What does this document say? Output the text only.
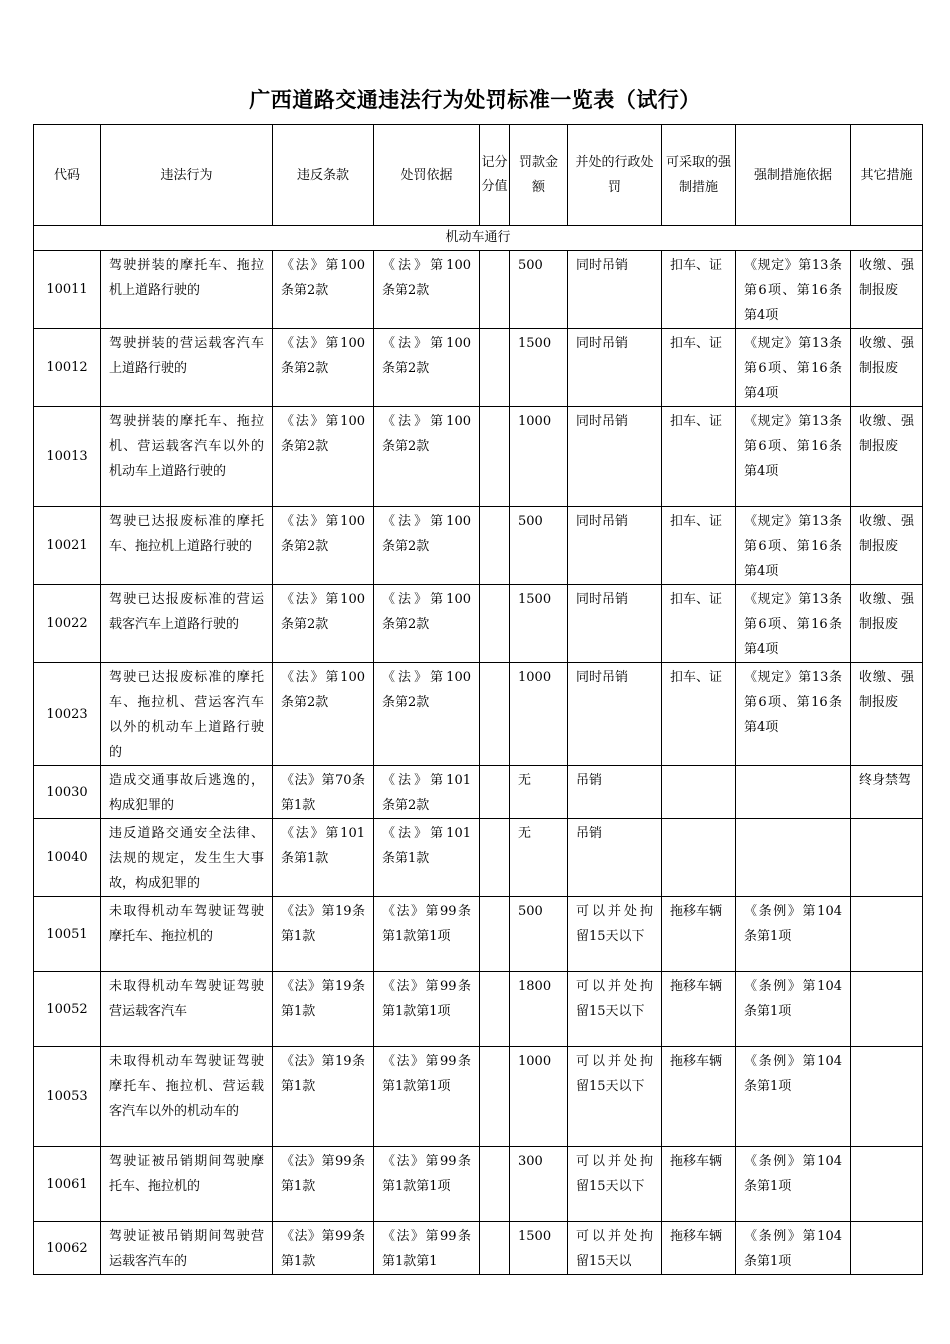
广西道路交通违法行为处罚标准一览表（试行）
代码	违法行为	违反条款	处罚依据	记分分值	罚款金额	并处的行政处罚	可采取的强制措施	强制措施依据	其它措施
机动车通行									
10011	驾驶拼装的摩托车、拖拉机上道路行驶的	《法》第100条第2款	《法》第100条第2款		500	同时吊销	扣车、证	《规定》第13条第6项、第16条第4项	收缴、强制报废
10012	驾驶拼装的营运载客汽车上道路行驶的	《法》第100条第2款	《法》第100条第2款		1500	同时吊销	扣车、证	《规定》第13条第6项、第16条第4项	收缴、强制报废
10013	驾驶拼装的摩托车、拖拉机、营运载客汽车以外的机动车上道路行驶的	《法》第100条第2款	《法》第100条第2款		1000	同时吊销	扣车、证	《规定》第13条第6项、第16条第4项	收缴、强制报废
10021	驾驶已达报废标准的摩托车、拖拉机上道路行驶的	《法》第100条第2款	《法》第100条第2款		500	同时吊销	扣车、证	《规定》第13条第6项、第16条第4项	收缴、强制报废
10022	驾驶已达报废标准的营运载客汽车上道路行驶的	《法》第100条第2款	《法》第100条第2款		1500	同时吊销	扣车、证	《规定》第13条第6项、第16条第4项	收缴、强制报废
10023	驾驶已达报废标准的摩托车、拖拉机、营运客汽车以外的机动车上道路行驶的	《法》第100条第2款	《法》第100条第2款		1000	同时吊销	扣车、证	《规定》第13条第6项、第16条第4项	收缴、强制报废
10030	造成交通事故后逃逸的，构成犯罪的	《法》第70条第1款	《法》第101条第2款		无	吊销			终身禁驾
10040	违反道路交通安全法律、法规的规定，发生生大事故，构成犯罪的	《法》第101条第1款	《法》第101条第1款		无	吊销			
10051	未取得机动车驾驶证驾驶摩托车、拖拉机的	《法》第19条第1款	《法》第99条第1款第1项		500	可以并处拘留15天以下	拖移车辆	《条例》第104条第1项	
10052	未取得机动车驾驶证驾驶营运载客汽车	《法》第19条第1款	《法》第99条第1款第1项		1800	可以并处拘留15天以下	拖移车辆	《条例》第104条第1项	
10053	未取得机动车驾驶证驾驶摩托车、拖拉机、营运载客汽车以外的机动车的	《法》第19条第1款	《法》第99条第1款第1项		1000	可以并处拘留15天以下	拖移车辆	《条例》第104条第1项	
10061	驾驶证被吊销期间驾驶摩托车、拖拉机的	《法》第99条第1款	《法》第99条第1款第1项		300	可以并处拘留15天以下	拖移车辆	《条例》第104条第1项	
10062	驾驶证被吊销期间驾驶营运载客汽车的	《法》第99条第1款	《法》第99条第1款第1		1500	可以并处拘留15天以	拖移车辆	《条例》第104条第1项	
